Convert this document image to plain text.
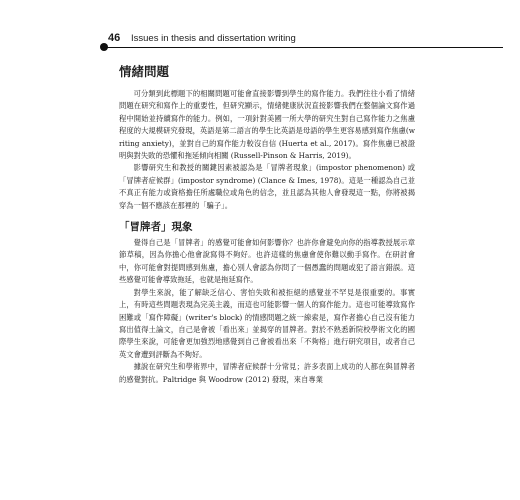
46 Issues in thesis and dissertation writing
情緒問題

可分類到此標題下的相關問題可能會直接影響到學生的寫作能力。我們往往小看了情緒問題在研究和寫作上的重要性，但研究顯示，情緒健康狀況直接影響我們在整個論文寫作過程中開始並持續寫作的能力。例如，一項針對美國一所大學的研究生對自己寫作能力之焦慮程度的大規模研究發現，英語是第二語言的學生比英語是母語的學生更容易感到寫作焦慮(writing anxiety)，並對自己的寫作能力較沒自信 (Huerta et al., 2017)。寫作焦慮已被證明與對失敗的恐懼和拖延傾向相關 (Russell-Pinson & Harris, 2019)。

影響研究生和教授的關鍵因素被認為是「冒牌者現象」(impostor phenomenon) 或「冒牌者症候群」(impostor syndrome) (Clance & Imes, 1978)。這是一種認為自己並不真正有能力或資格擔任所處職位或角色的信念，並且認為其他人會發現這一點，你將被揭穿為一個不應該在那裡的「騙子」。

「冒牌者」現象

覺得自己是「冒牌者」的感覺可能會如何影響你？也許你會避免向你的指導教授展示章節草稿，因為你擔心他會說寫得不夠好。也許這樣的焦慮會使你難以動手寫作。在研討會中，你可能會對提問感到焦慮，擔心別人會認為你問了一個愚蠢的問題或犯了語言錯誤。這些感覺可能會導致拖延，也就是拖延寫作。

對學生來說，能了解缺乏信心、害怕失敗和被拒絕的感覺並不罕見是很重要的。事實上，有時這些問題表現為完美主義，而這也可能影響一個人的寫作能力。這也可能導致寫作困難或「寫作障礙」(writer's block) 的情感問題之統一線索是，寫作者擔心自己沒有能力寫出值得土論文，自己是會被「看出來」並揭穿的冒牌者。對於不熟悉新院校學術文化的國際學生來說，可能會更加強烈地感覺到自己會被看出來「不夠格」進行研究項目，或者自己英文會遭到評斷為不夠好。

據說在研究生和學術界中，冒牌者症候群十分常見；許多表面上成功的人都在與冒牌者的感覺對抗。Paltridge 與 Woodrow (2012) 發現，來自專業
